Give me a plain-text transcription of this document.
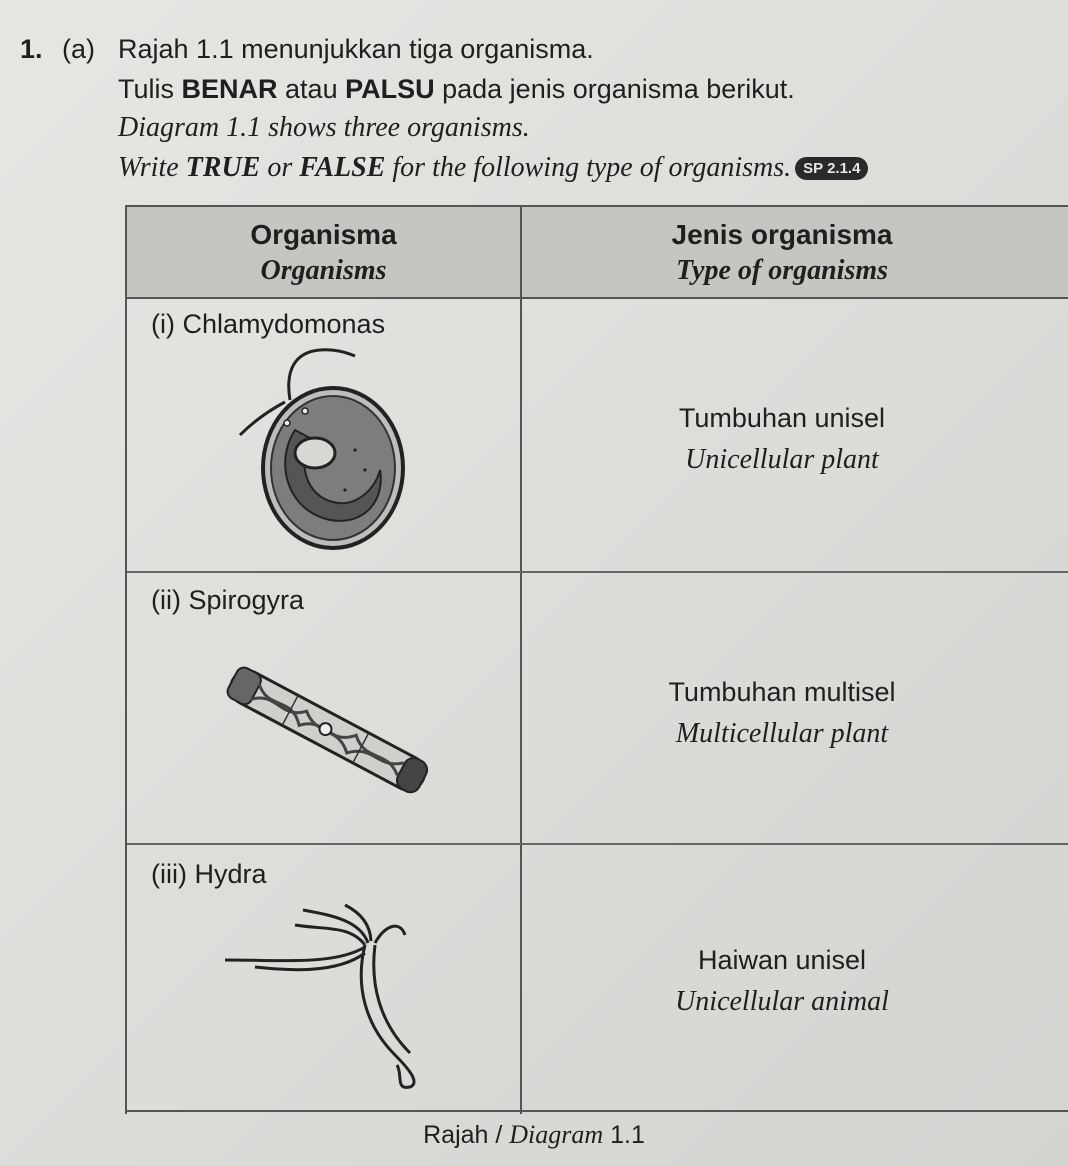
1. (a) Rajah 1.1 menunjukkan tiga organisma.
Tulis BENAR atau PALSU pada jenis organisma berikut.
Diagram 1.1 shows three organisms.
Write TRUE or FALSE for the following type of organisms. SP 2.1.4
Organisma
Organisms
Jenis organisma
Type of organisms
(i) Chlamydomonas
Tumbuhan unisel
Unicellular plant
(ii) Spirogyra
Tumbuhan multisel
Multicellular plant
(iii) Hydra
Haiwan unisel
Unicellular animal
Rajah / Diagram 1.1
